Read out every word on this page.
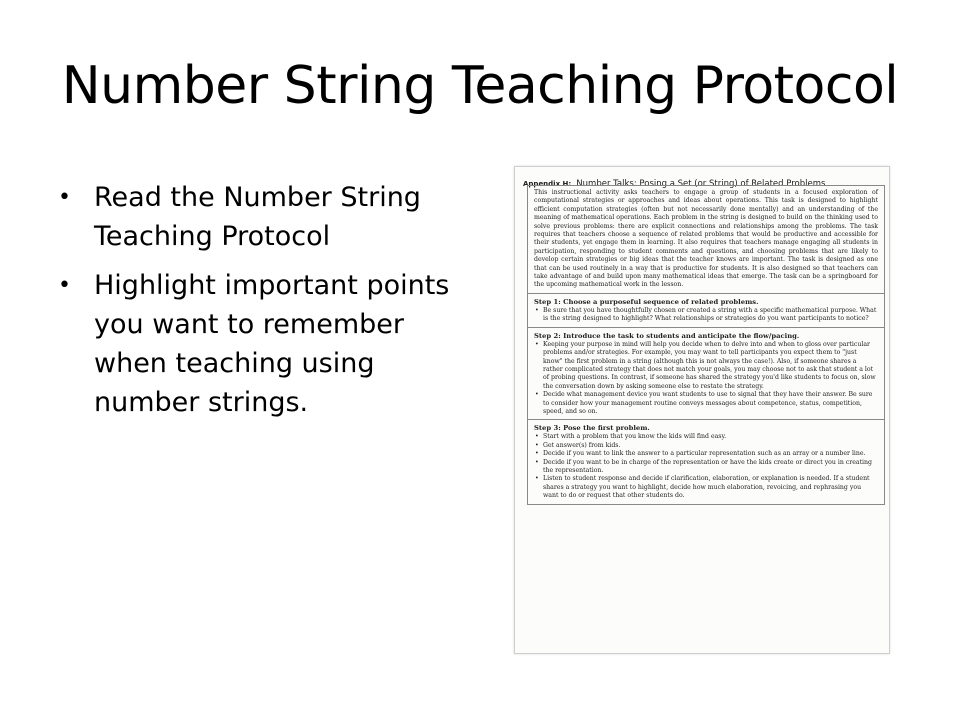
Number String Teaching Protocol
• Read the Number String Teaching Protocol
• Highlight important points you want to remember when teaching using number strings.
Appendix H: Number Talks: Posing a Set (or String) of Related Problems
This instructional activity asks teachers to engage a group of students in a focused exploration of computational strategies or approaches and ideas about operations. This task is designed to highlight efficient computation strategies (often but not necessarily done mentally) and an understanding of the meaning of mathematical operations. Each problem in the string is designed to build on the thinking used to solve previous problems: there are explicit connections and relationships among the problems. The task requires that teachers choose a sequence of related problems that would be productive and accessible for their students, yet engage them in learning. It also requires that teachers manage engaging all students in participation, responding to student comments and questions, and choosing problems that are likely to develop certain strategies or big ideas that the teacher knows are important. The task is designed as one that can be used routinely in a way that is productive for students. It is also designed so that teachers can take advantage of and build upon many mathematical ideas that emerge. The task can be a springboard for the upcoming mathematical work in the lesson.
Step 1: Choose a purposeful sequence of related problems.
• Be sure that you have thoughtfully chosen or created a string with a specific mathematical purpose. What is the string designed to highlight? What relationships or strategies do you want participants to notice?
Step 2: Introduce the task to students and anticipate the flow/pacing.
• Keeping your purpose in mind will help you decide when to delve into and when to gloss over particular problems and/or strategies. For example, you may want to tell participants you expect them to "just know" the first problem in a string (although this is not always the case!). Also, if someone shares a rather complicated strategy that does not match your goals, you may choose not to ask that student a lot of probing questions. In contrast, if someone has shared the strategy you'd like students to focus on, slow the conversation down by asking someone else to restate the strategy.
• Decide what management device you want students to use to signal that they have their answer. Be sure to consider how your management routine conveys messages about competence, status, competition, speed, and so on.
Step 3: Pose the first problem.
• Start with a problem that you know the kids will find easy.
• Get answer(s) from kids.
• Decide if you want to link the answer to a particular representation such as an array or a number line.
• Decide if you want to be in charge of the representation or have the kids create or direct you in creating the representation.
• Listen to student response and decide if clarification, elaboration, or explanation is needed. If a student shares a strategy you want to highlight, decide how much elaboration, revoicing, and rephrasing you want to do or request that other students do.
